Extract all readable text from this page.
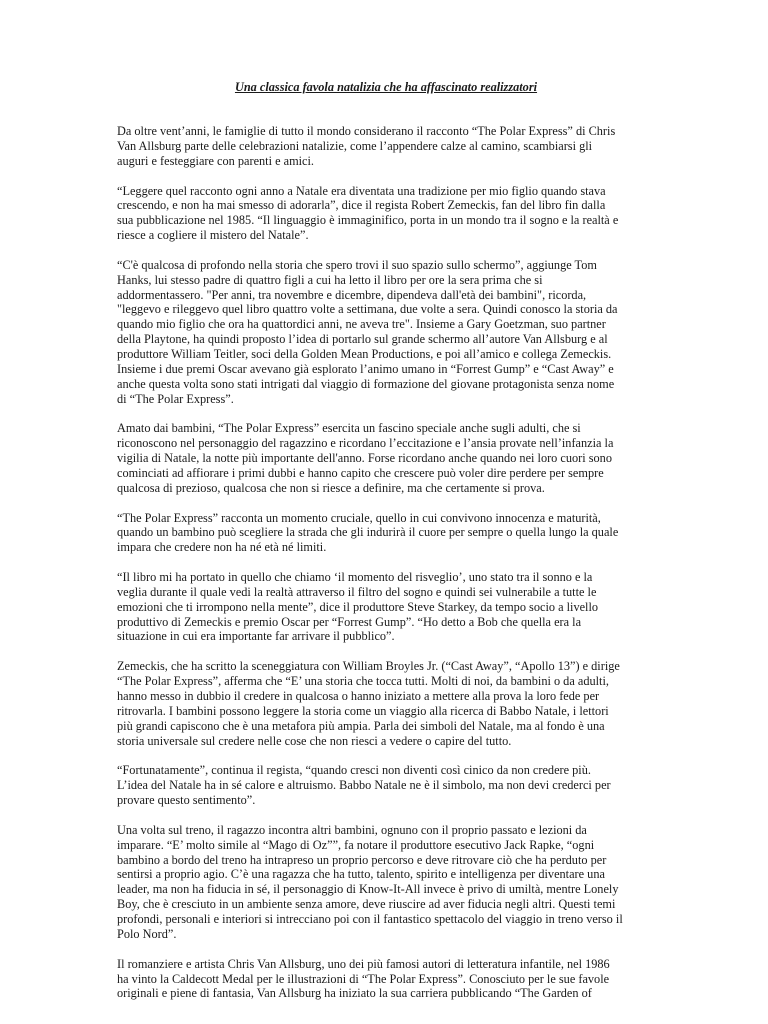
Una classica favola natalizia che ha affascinato realizzatori
Da oltre vent’anni, le famiglie di tutto il mondo considerano il racconto “The Polar Express” di Chris
Van Allsburg parte delle celebrazioni natalizie, come l’appendere calze al camino, scambiarsi gli
auguri e festeggiare con parenti e amici.
“Leggere quel racconto ogni anno a Natale era diventata una tradizione per mio figlio quando stava
crescendo, e non ha mai smesso di adorarla”, dice il regista Robert Zemeckis, fan del libro fin dalla
sua pubblicazione nel 1985. “Il linguaggio è immaginifico, porta in un mondo tra il sogno e la realtà e
riesce a cogliere il mistero del Natale”.
“C'è qualcosa di profondo nella storia che spero trovi il suo spazio sullo schermo”, aggiunge Tom
Hanks, lui stesso padre di quattro figli a cui ha letto il libro per ore la sera prima che si
addormentassero. "Per anni, tra novembre e dicembre, dipendeva dall'età dei bambini", ricorda,
"leggevo e rileggevo quel libro quattro volte a settimana, due volte a sera. Quindi conosco la storia da
quando mio figlio che ora ha quattordici anni, ne aveva tre". Insieme a Gary Goetzman, suo partner
della Playtone, ha quindi proposto l’idea di portarlo sul grande schermo all’autore Van Allsburg e al
produttore William Teitler, soci della Golden Mean Productions, e poi all’amico e collega Zemeckis.
Insieme i due premi Oscar avevano già esplorato l’animo umano in “Forrest Gump” e “Cast Away” e
anche questa volta sono stati intrigati dal viaggio di formazione del giovane protagonista senza nome
di “The Polar Express”.
Amato dai bambini, “The Polar Express” esercita un fascino speciale anche sugli adulti, che si
riconoscono nel personaggio del ragazzino e ricordano l’eccitazione e l’ansia provate nell’infanzia la
vigilia di Natale, la notte più importante dell'anno. Forse ricordano anche quando nei loro cuori sono
cominciati ad affiorare i primi dubbi e hanno capito che crescere può voler dire perdere per sempre
qualcosa di prezioso, qualcosa che non si riesce a definire, ma che certamente si prova.
“The Polar Express” racconta un momento cruciale, quello in cui convivono innocenza e maturità,
quando un bambino può scegliere la strada che gli indurirà il cuore per sempre o quella lungo la quale
impara che credere non ha né età né limiti.
“Il libro mi ha portato in quello che chiamo ‘il momento del risveglio’, uno stato tra il sonno e la
veglia durante il quale vedi la realtà attraverso il filtro del sogno e quindi sei vulnerabile a tutte le
emozioni che ti irrompono nella mente”, dice il produttore Steve Starkey, da tempo socio a livello
produttivo di Zemeckis e premio Oscar per “Forrest Gump”. “Ho detto a Bob che quella era la
situazione in cui era importante far arrivare il pubblico”.
Zemeckis, che ha scritto la sceneggiatura con William Broyles Jr. (“Cast Away”, “Apollo 13”) e dirige
“The Polar Express”, afferma che “E’ una storia che tocca tutti. Molti di noi, da bambini o da adulti,
hanno messo in dubbio il credere in qualcosa o hanno iniziato a mettere alla prova la loro fede per
ritrovarla. I bambini possono leggere la storia come un viaggio alla ricerca di Babbo Natale, i lettori
più grandi capiscono che è una metafora più ampia. Parla dei simboli del Natale, ma al fondo è una
storia universale sul credere nelle cose che non riesci a vedere o capire del tutto.
“Fortunatamente”, continua il regista, “quando cresci non diventi così cinico da non credere più.
L’idea del Natale ha in sé calore e altruismo. Babbo Natale ne è il simbolo, ma non devi crederci per
provare questo sentimento”.
Una volta sul treno, il ragazzo incontra altri bambini, ognuno con il proprio passato e lezioni da
imparare. “E’ molto simile al “Mago di Oz””, fa notare il produttore esecutivo Jack Rapke, “ogni
bambino a bordo del treno ha intrapreso un proprio percorso e deve ritrovare ciò che ha perduto per
sentirsi a proprio agio. C’è una ragazza che ha tutto, talento, spirito e intelligenza per diventare una
leader, ma non ha fiducia in sé, il personaggio di Know-It-All invece è privo di umiltà, mentre Lonely
Boy, che è cresciuto in un ambiente senza amore, deve riuscire ad aver fiducia negli altri. Questi temi
profondi, personali e interiori si intrecciano poi con il fantastico spettacolo del viaggio in treno verso il
Polo Nord”.
Il romanziere e artista Chris Van Allsburg, uno dei più famosi autori di letteratura infantile, nel 1986
ha vinto la Caldecott Medal per le illustrazioni di “The Polar Express”. Conosciuto per le sue favole
originali e piene di fantasia, Van Allsburg ha iniziato la sua carriera pubblicando “The Garden of
